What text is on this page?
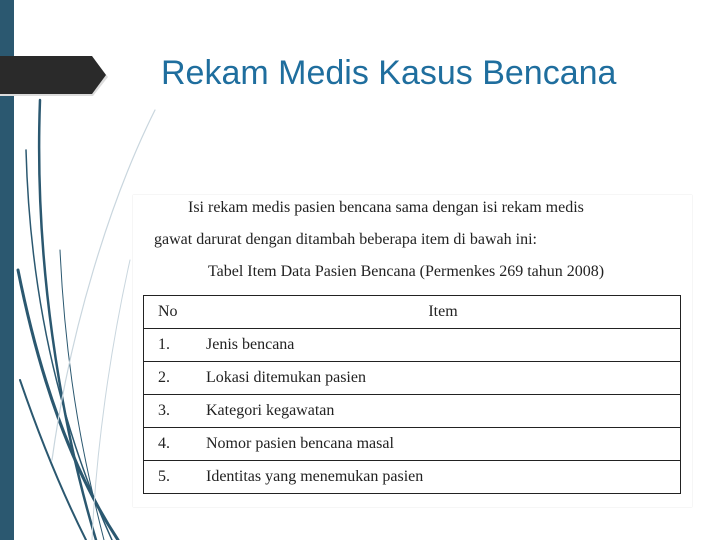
Rekam Medis Kasus Bencana
Isi rekam medis pasien bencana sama dengan isi rekam medis
gawat darurat dengan ditambah beberapa item di bawah ini:
Tabel Item Data Pasien Bencana (Permenkes 269 tahun 2008)
No	Item
1.	Jenis bencana
2.	Lokasi ditemukan pasien
3.	Kategori kegawatan
4.	Nomor pasien bencana masal
5.	Identitas yang menemukan pasien
